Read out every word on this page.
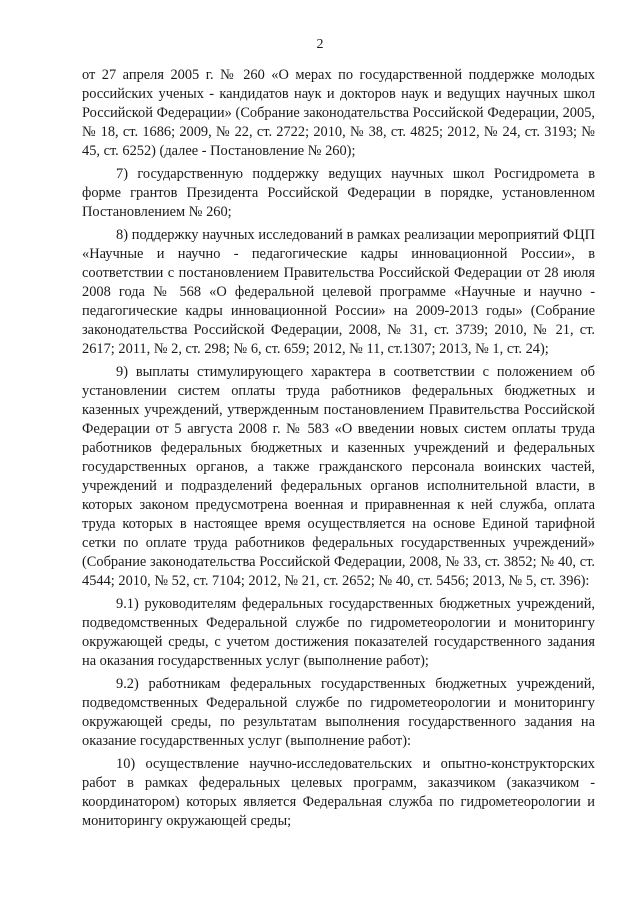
2

от 27 апреля 2005 г. № 260 «О мерах по государственной поддержке молодых российских ученых - кандидатов наук и докторов наук и ведущих научных школ Российской Федерации» (Собрание законодательства Российской Федерации, 2005, № 18, ст. 1686; 2009, № 22, ст. 2722; 2010, № 38, ст. 4825; 2012, № 24, ст. 3193; № 45, ст. 6252) (далее - Постановление № 260);

7) государственную поддержку ведущих научных школ Росгидромета в форме грантов Президента Российской Федерации в порядке, установленном Постановлением № 260;

8) поддержку научных исследований в рамках реализации мероприятий ФЦП «Научные и научно - педагогические кадры инновационной России», в соответствии с постановлением Правительства Российской Федерации от 28 июля 2008 года № 568 «О федеральной целевой программе «Научные и научно - педагогические кадры инновационной России» на 2009-2013 годы» (Собрание законодательства Российской Федерации, 2008, № 31, ст. 3739; 2010, № 21, ст. 2617; 2011, № 2, ст. 298; № 6, ст. 659; 2012, № 11, ст.1307; 2013, № 1, ст. 24);

9) выплаты стимулирующего характера в соответствии с положением об установлении систем оплаты труда работников федеральных бюджетных и казенных учреждений, утвержденным постановлением Правительства Российской Федерации от 5 августа 2008 г. № 583 «О введении новых систем оплаты труда работников федеральных бюджетных и казенных учреждений и федеральных государственных органов, а также гражданского персонала воинских частей, учреждений и подразделений федеральных органов исполнительной власти, в которых законом предусмотрена военная и приравненная к ней служба, оплата труда которых в настоящее время осуществляется на основе Единой тарифной сетки по оплате труда работников федеральных государственных учреждений» (Собрание законодательства Российской Федерации, 2008, № 33, ст. 3852; № 40, ст. 4544; 2010, № 52, ст. 7104; 2012, № 21, ст. 2652; № 40, ст. 5456; 2013, № 5, ст. 396):

9.1) руководителям федеральных государственных бюджетных учреждений, подведомственных Федеральной службе по гидрометеорологии и мониторингу окружающей среды, с учетом достижения показателей государственного задания на оказания государственных услуг (выполнение работ);

9.2) работникам федеральных государственных бюджетных учреждений, подведомственных Федеральной службе по гидрометеорологии и мониторингу окружающей среды, по результатам выполнения государственного задания на оказание государственных услуг (выполнение работ):

10) осуществление научно-исследовательских и опытно-конструкторских работ в рамках федеральных целевых программ, заказчиком (заказчиком - координатором) которых является Федеральная служба по гидрометеорологии и мониторингу окружающей среды;
